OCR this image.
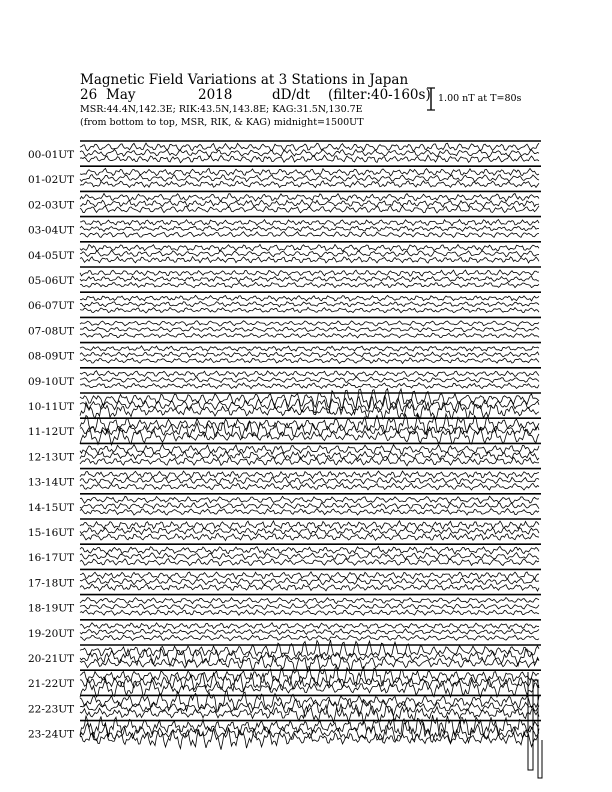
Magnetic Field Variations at 3 Stations in Japan
26 May	2018	dD/dt (filter:40-160s)
MSR:44.4N,142.3E; RIK:43.5N,143.8E; KAG:31.5N,130.7E
(from bottom to top, MSR, RIK, & KAG) midnight=1500UT
1.00 nT at T=80s
00-01UT
01-02UT
02-03UT
03-04UT
04-05UT
05-06UT
06-07UT
07-08UT
08-09UT
09-10UT
10-11UT
11-12UT
12-13UT
13-14UT
14-15UT
15-16UT
16-17UT
17-18UT
18-19UT
19-20UT
20-21UT
21-22UT
22-23UT
23-24UT
